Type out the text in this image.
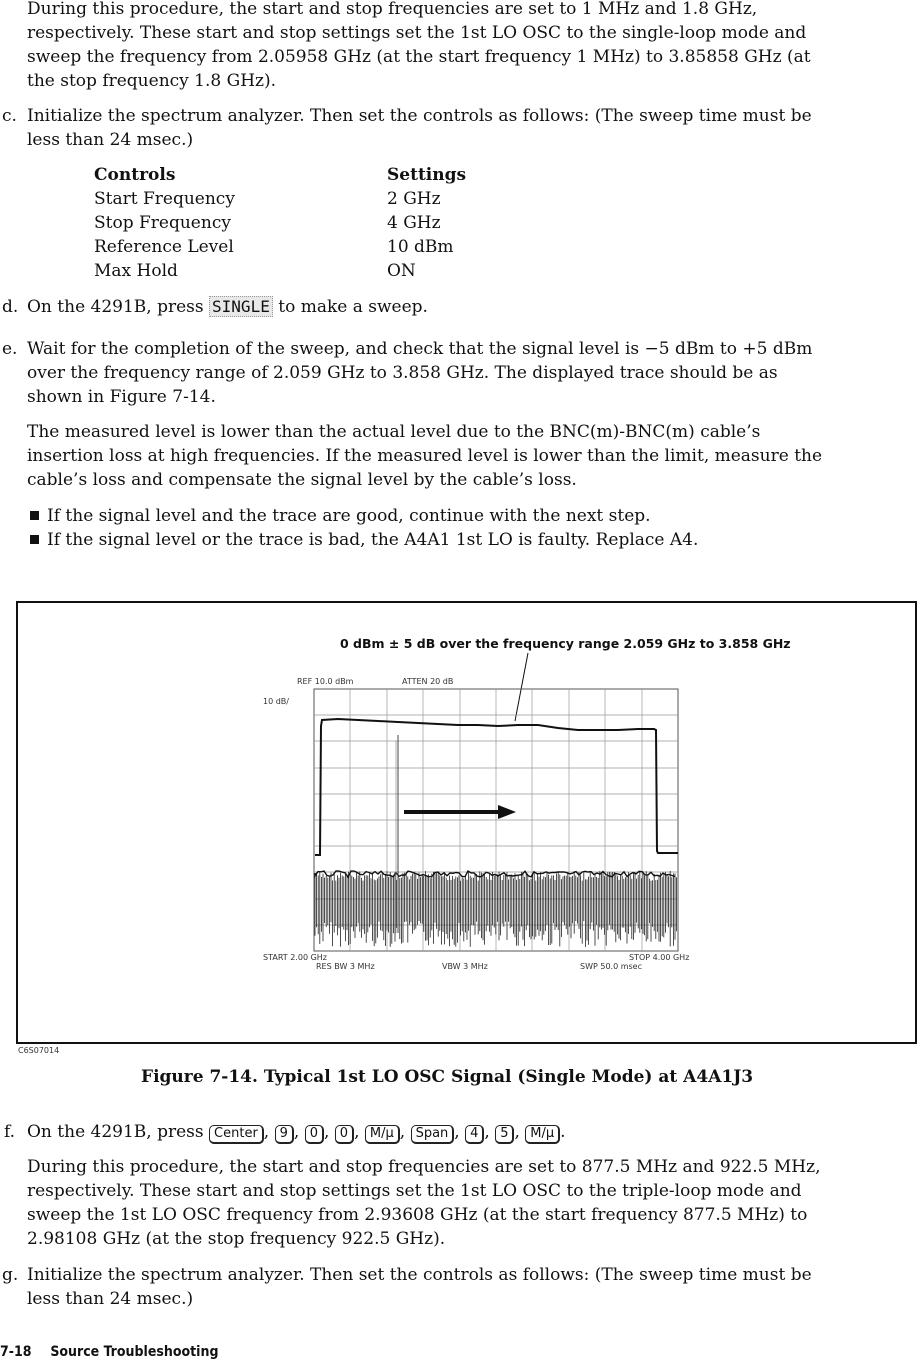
During this procedure, the start and stop frequencies are set to 1 MHz and 1.8 GHz,
respectively. These start and stop settings set the 1st LO OSC to the single-loop mode and
sweep the frequency from 2.05958 GHz (at the start frequency 1 MHz) to 3.85858 GHz (at
the stop frequency 1.8 GHz).
c. Initialize the spectrum analyzer. Then set the controls as follows: (The sweep time must be
less than 24 msec.)
Controls	Settings
Start Frequency	2 GHz
Stop Frequency	4 GHz
Reference Level	10 dBm
Max Hold	ON
d. On the 4291B, press SINGLE to make a sweep.
e. Wait for the completion of the sweep, and check that the signal level is −5 dBm to +5 dBm
over the frequency range of 2.059 GHz to 3.858 GHz. The displayed trace should be as
shown in Figure 7-14.
The measured level is lower than the actual level due to the BNC(m)-BNC(m) cable’s
insertion loss at high frequencies. If the measured level is lower than the limit, measure the
cable’s loss and compensate the signal level by the cable’s loss.
If the signal level and the trace are good, continue with the next step.
If the signal level or the trace is bad, the A4A1 1st LO is faulty. Replace A4.
0 dBm ± 5 dB over the frequency range 2.059 GHz to 3.858 GHz
REF 10.0 dBm	ATTEN 20 dB
10 dB/
START 2.00 GHz	STOP 4.00 GHz
RES BW 3 MHz	VBW 3 MHz	SWP 50.0 msec
C6S07014
Figure 7-14. Typical 1st LO OSC Signal (Single Mode) at A4A1J3
f. On the 4291B, press Center , 9 , 0 , 0 , M/μ , Span , 4 , 5 , M/μ .
During this procedure, the start and stop frequencies are set to 877.5 MHz and 922.5 MHz,
respectively. These start and stop settings set the 1st LO OSC to the triple-loop mode and
sweep the 1st LO OSC frequency from 2.93608 GHz (at the start frequency 877.5 MHz) to
2.98108 GHz (at the stop frequency 922.5 GHz).
g. Initialize the spectrum analyzer. Then set the controls as follows: (The sweep time must be
less than 24 msec.)
7-18 Source Troubleshooting
